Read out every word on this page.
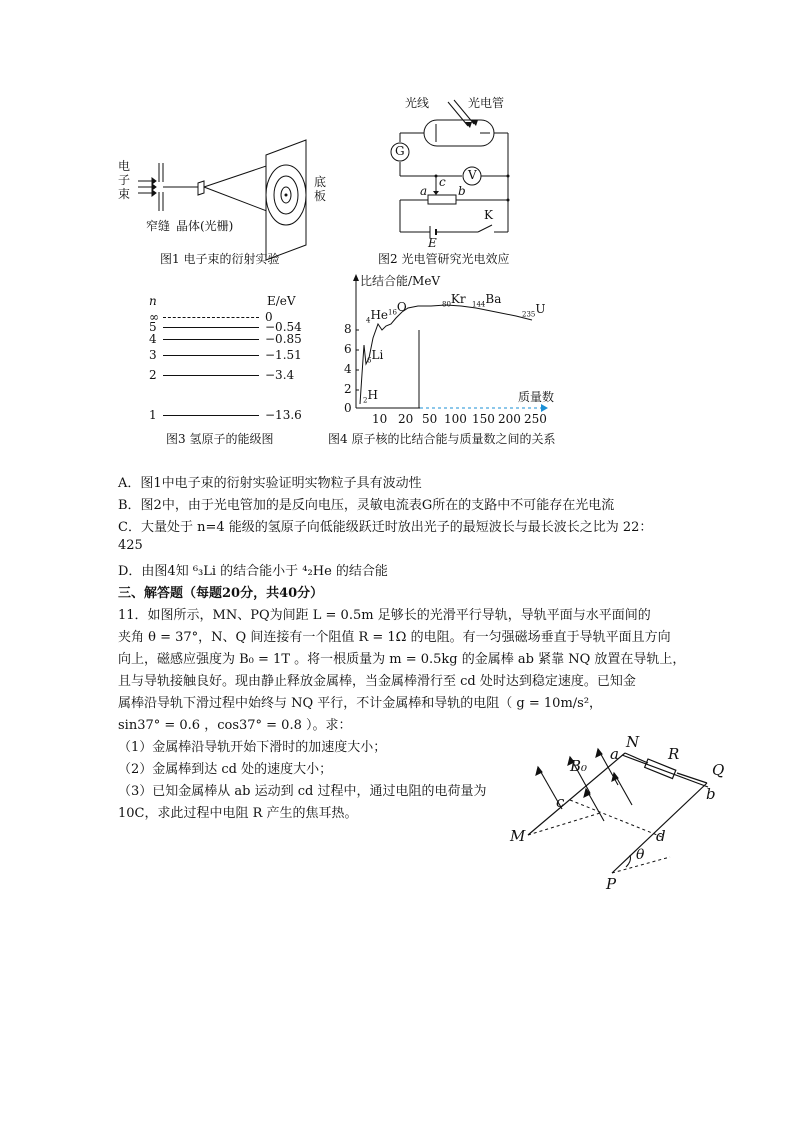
电子束
底板
窄缝 晶体(光栅)
图1 电子束的衍射实验
光线	光电管
G
V
c
a	b
K
E
图2 光电管研究光电效应
n	E/eV
∞	0
5	−0.54
4	−0.85
3	−1.51
2	−3.4
1	−13.6
图3 氢原子的能级图
比结合能/MeV
质量数
0
2
4
6
8
10 20 50 100 150 200 250
$_4$He $_{16}$O	$_{80}$Kr $_{144}$Ba
$_{235}$U
$_6$Li
$_2$H
图4 原子核的比结合能与质量数之间的关系
A．图1中电子束的衍射实验证明实物粒子具有波动性
B．图2中，由于光电管加的是反向电压，灵敏电流表G所在的支路中不可能存在光电流
C．大量处于 n=4 能级的氢原子向低能级跃迁时放出光子的最短波长与最长波长之比为 22：
425
D．由图4知 ⁶₃Li 的结合能小于 ⁴₂He 的结合能
三、解答题（每题20分，共40分）
11．如图所示，MN、PQ为间距 L = 0.5m 足够长的光滑平行导轨，导轨平面与水平面间的
夹角 θ = 37°，N、Q 间连接有一个阻值 R = 1Ω 的电阻。有一匀强磁场垂直于导轨平面且方向
向上，磁感应强度为 B₀ = 1T 。将一根质量为 m = 0.5kg 的金属棒 ab 紧靠 NQ 放置在导轨上，
且与导轨接触良好。现由静止释放金属棒，当金属棒滑行至 cd 处时达到稳定速度。已知金
属棒沿导轨下滑过程中始终与 NQ 平行，不计金属棒和导轨的电阻（ g = 10m/s²，
sin37° = 0.6 ，cos37° = 0.8 ）。求：
（1）金属棒沿导轨开始下滑时的加速度大小；
（2）金属棒到达 cd 处的速度大小；
（3）已知金属棒从 ab 运动到 cd 过程中，通过电阻的电荷量为
10C，求此过程中电阻 R 产生的焦耳热。
B₀
N
R
Q
a
b
c
d
M
P
θ
